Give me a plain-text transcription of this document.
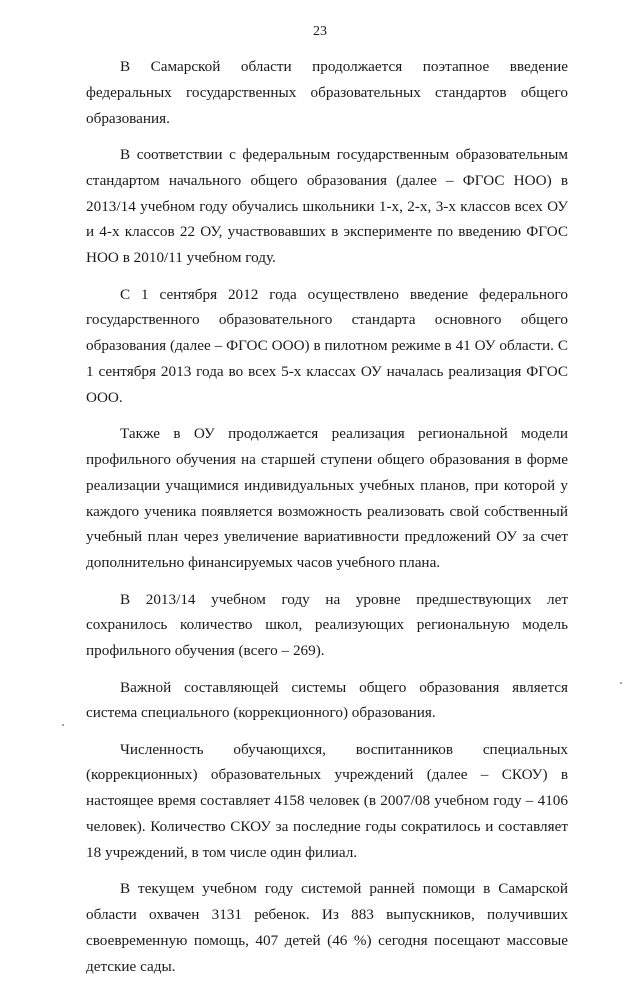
23

В Самарской области продолжается поэтапное введение федеральных государственных образовательных стандартов общего образования.

В соответствии с федеральным государственным образовательным стандартом начального общего образования (далее – ФГОС НОО) в 2013/14 учебном году обучались школьники 1-х, 2-х, 3-х классов всех ОУ и 4-х классов 22 ОУ, участвовавших в эксперименте по введению ФГОС НОО в 2010/11 учебном году.

С 1 сентября 2012 года осуществлено введение федерального государственного образовательного стандарта основного общего образования (далее – ФГОС ООО) в пилотном режиме в 41 ОУ области. С 1 сентября 2013 года во всех 5-х классах ОУ началась реализация ФГОС ООО.

Также в ОУ продолжается реализация региональной модели профильного обучения на старшей ступени общего образования в форме реализации учащимися индивидуальных учебных планов, при которой у каждого ученика появляется возможность реализовать свой собственный учебный план через увеличение вариативности предложений ОУ за счет дополнительно финансируемых часов учебного плана.

В 2013/14 учебном году на уровне предшествующих лет сохранилось количество школ, реализующих региональную модель профильного обучения (всего – 269).

Важной составляющей системы общего образования является система специального (коррекционного) образования.

Численность обучающихся, воспитанников специальных (коррекционных) образовательных учреждений (далее – СКОУ) в настоящее время составляет 4158 человек (в 2007/08 учебном году – 4106 человек). Количество СКОУ за последние годы сократилось и составляет 18 учреждений, в том числе один филиал.

В текущем учебном году системой ранней помощи в Самарской области охвачен 3131 ребенок. Из 883 выпускников, получивших своевременную помощь, 407 детей (46 %) сегодня посещают массовые детские сады.
